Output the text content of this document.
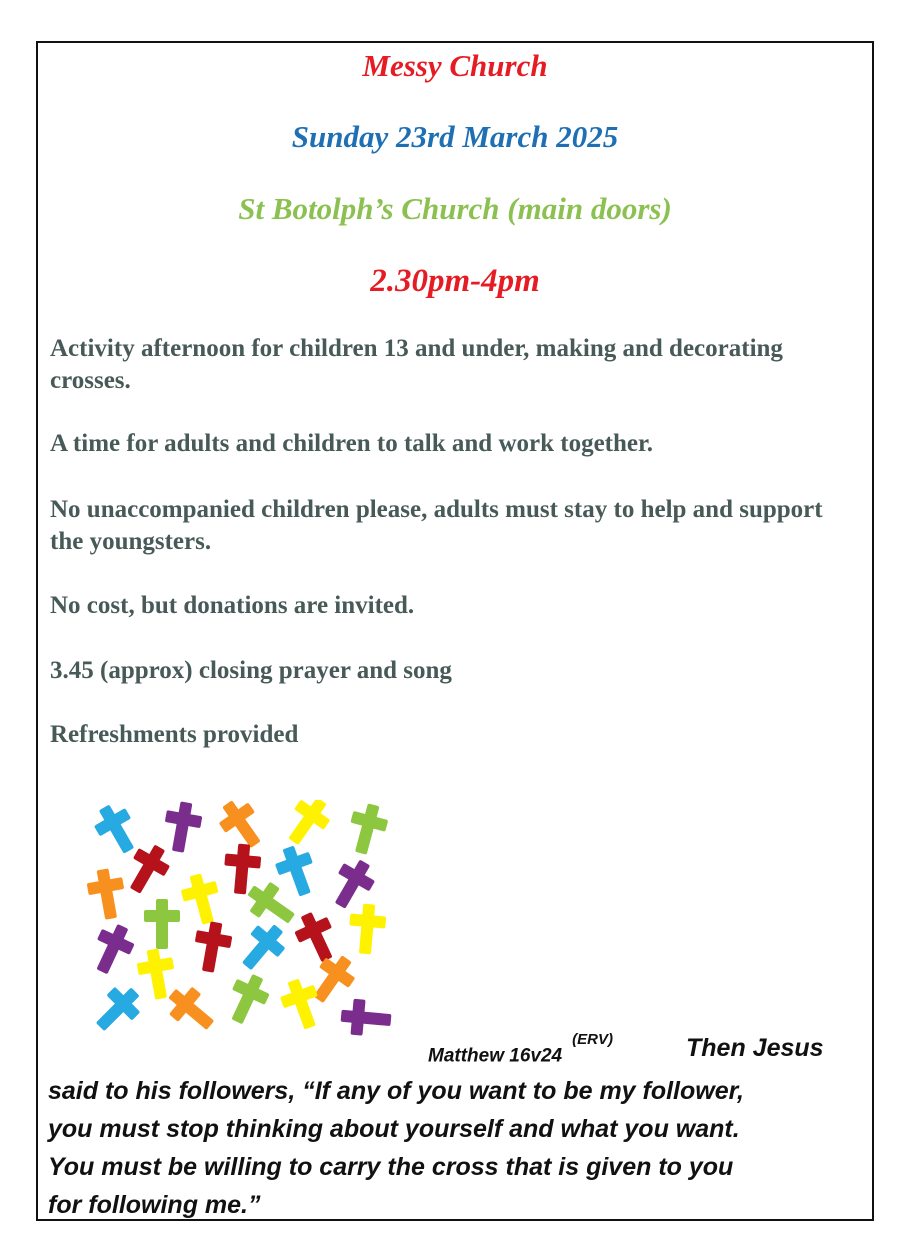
Messy Church
Sunday 23rd March 2025
St Botolph’s Church (main doors)
2.30pm-4pm
Activity afternoon for children 13 and under, making and decorating crosses.
A time for adults and children to talk and work together.
No unaccompanied children please, adults must stay to help and support the youngsters.
No cost, but donations are invited.
3.45 (approx) closing prayer and song
Refreshments provided
Matthew $16v24^{(ERV)}$	Then Jesus
said to his followers, “If any of you want to be my follower,
you must stop thinking about yourself and what you want.
You must be willing to carry the cross that is given to you
for following me.”
